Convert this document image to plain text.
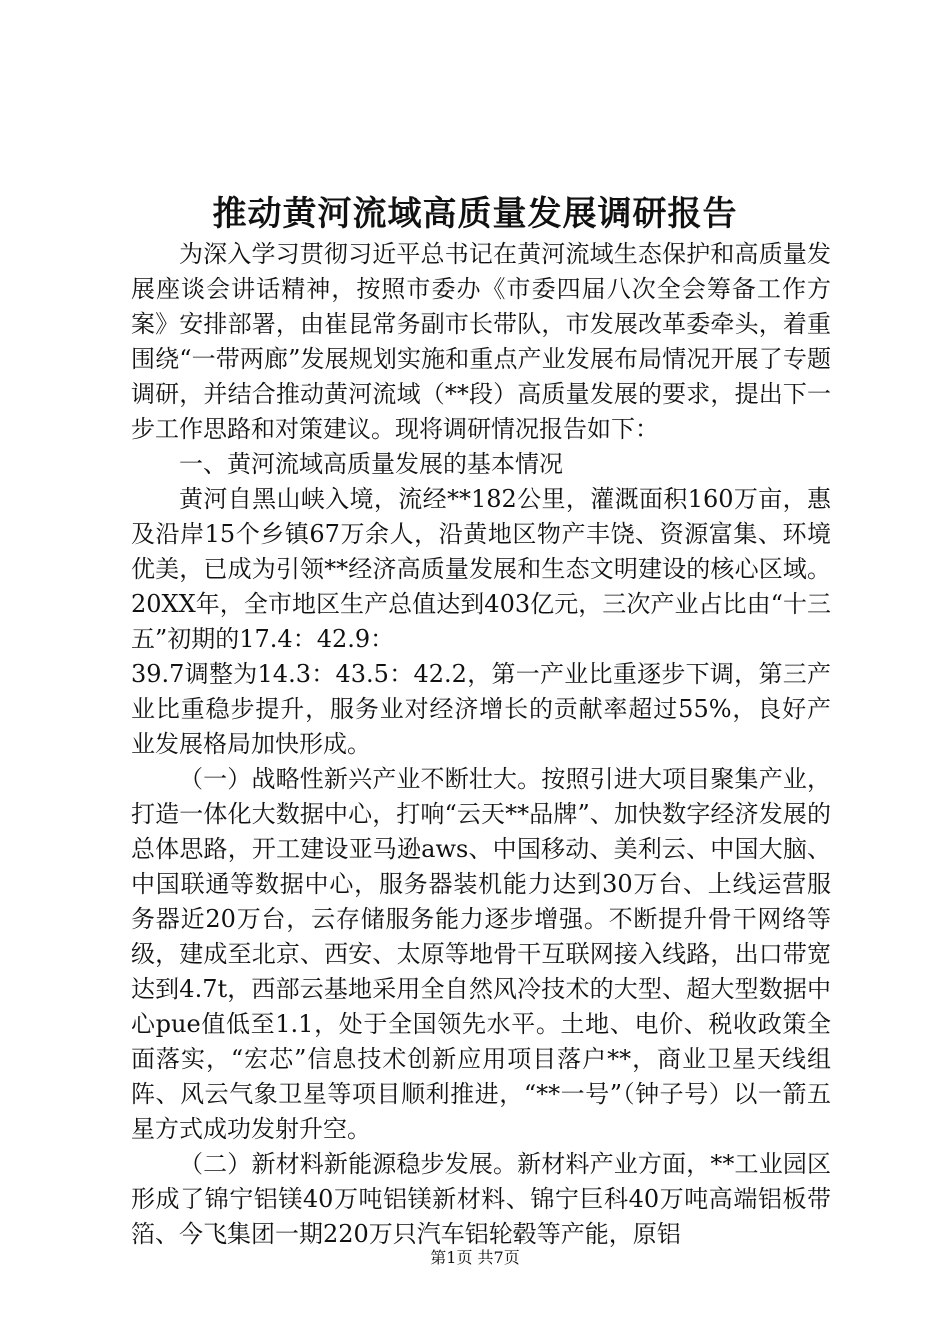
推动黄河流域高质量发展调研报告

为深入学习贯彻习近平总书记在黄河流域生态保护和高质量发展座谈会讲话精神，按照市委办《市委四届八次全会筹备工作方案》安排部署，由崔昆常务副市长带队，市发展改革委牵头，着重围绕“一带两廊”发展规划实施和重点产业发展布局情况开展了专题调研，并结合推动黄河流域（**段）高质量发展的要求，提出下一步工作思路和对策建议。现将调研情况报告如下：

一、黄河流域高质量发展的基本情况

黄河自黑山峡入境，流经**182公里，灌溉面积160万亩，惠及沿岸15个乡镇67万余人，沿黄地区物产丰饶、资源富集、环境优美，已成为引领**经济高质量发展和生态文明建设的核心区域。20XX年，全市地区生产总值达到403亿元，三次产业占比由“十三五”初期的17.4：42.9：

39.7调整为14.3：43.5：42.2，第一产业比重逐步下调，第三产业比重稳步提升，服务业对经济增长的贡献率超过55%，良好产业发展格局加快形成。

（一）战略性新兴产业不断壮大。按照引进大项目聚集产业，打造一体化大数据中心，打响“云天**品牌”、加快数字经济发展的总体思路，开工建设亚马逊aws、中国移动、美利云、中国大脑、中国联通等数据中心，服务器装机能力达到30万台、上线运营服务器近20万台，云存储服务能力逐步增强。不断提升骨干网络等级，建成至北京、西安、太原等地骨干互联网接入线路，出口带宽达到4.7t，西部云基地采用全自然风冷技术的大型、超大型数据中心pue值低至1.1，处于全国领先水平。土地、电价、税收政策全面落实，“宏芯”信息技术创新应用项目落户**，商业卫星天线组阵、风云气象卫星等项目顺利推进，“**一号”（钟子号）以一箭五星方式成功发射升空。

（二）新材料新能源稳步发展。新材料产业方面，**工业园区形成了锦宁铝镁40万吨铝镁新材料、锦宁巨科40万吨高端铝板带箔、今飞集团一期220万只汽车铝轮毂等产能，原铝

第1页 共7页
